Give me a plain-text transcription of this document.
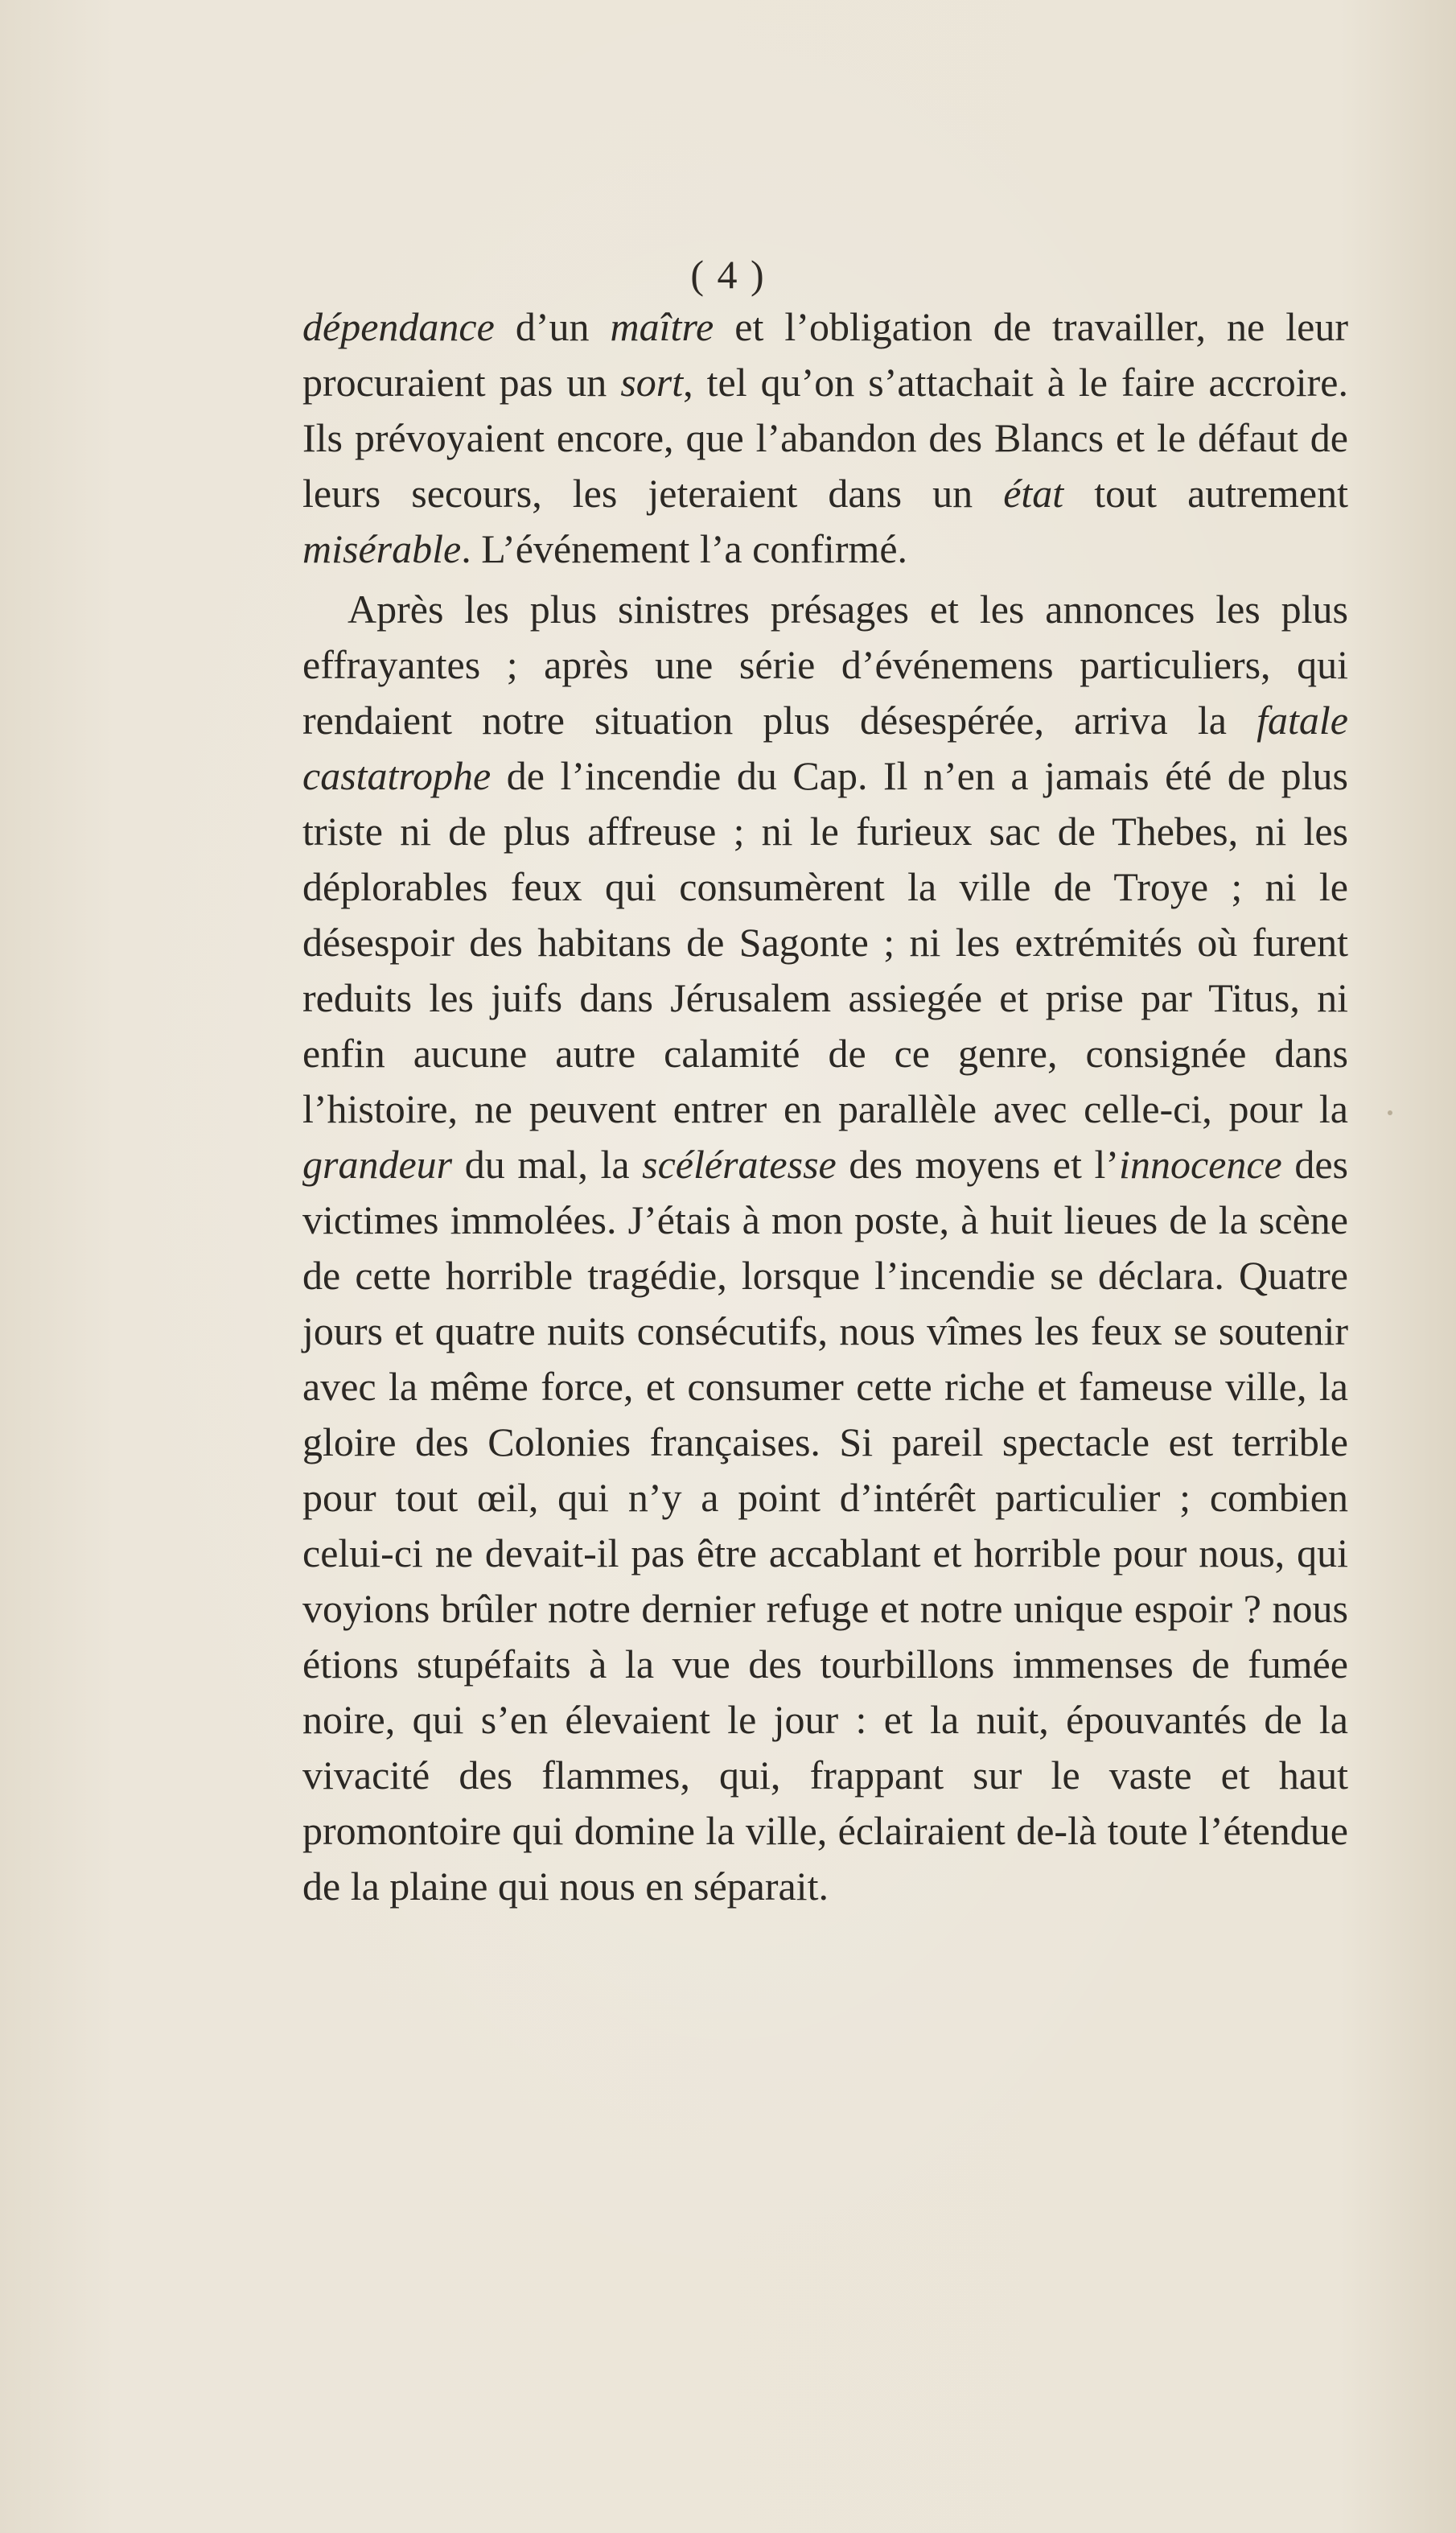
( 4 )

dépendance d’un maître et l’obligation de travailler, ne leur procuraient pas un sort, tel qu’on s’attachait à le faire accroire. Ils prévoyaient encore, que l’abandon des Blancs et le défaut de leurs secours, les jeteraient dans un état tout autrement misérable. L’événement l’a confirmé.

Après les plus sinistres présages et les annonces les plus effrayantes ; après une série d’événemens particuliers, qui rendaient notre situation plus désespérée, arriva la fatale castatrophe de l’incendie du Cap. Il n’en a jamais été de plus triste ni de plus affreuse ; ni le furieux sac de Thebes, ni les déplorables feux qui consumèrent la ville de Troye ; ni le désespoir des habitans de Sagonte ; ni les extrémités où furent reduits les juifs dans Jérusalem assiegée et prise par Titus, ni enfin aucune autre calamité de ce genre, consignée dans l’histoire, ne peuvent entrer en parallèle avec celle-ci, pour la grandeur du mal, la scélératesse des moyens et l’innocence des victimes immolées. J’étais à mon poste, à huit lieues de la scène de cette horrible tragédie, lorsque l’incendie se déclara. Quatre jours et quatre nuits consécutifs, nous vîmes les feux se soutenir avec la même force, et consumer cette riche et fameuse ville, la gloire des Colonies françaises. Si pareil spectacle est terrible pour tout œil, qui n’y a point d’intérêt particulier ; combien celui-ci ne devait-il pas être accablant et horrible pour nous, qui voyions brûler notre dernier refuge et notre unique espoir ? nous étions stupéfaits à la vue des tourbillons immenses de fumée noire, qui s’en élevaient le jour : et la nuit, épouvantés de la vivacité des flammes, qui, frappant sur le vaste et haut promontoire qui domine la ville, éclairaient de-là toute l’étendue de la plaine qui nous en séparait.
